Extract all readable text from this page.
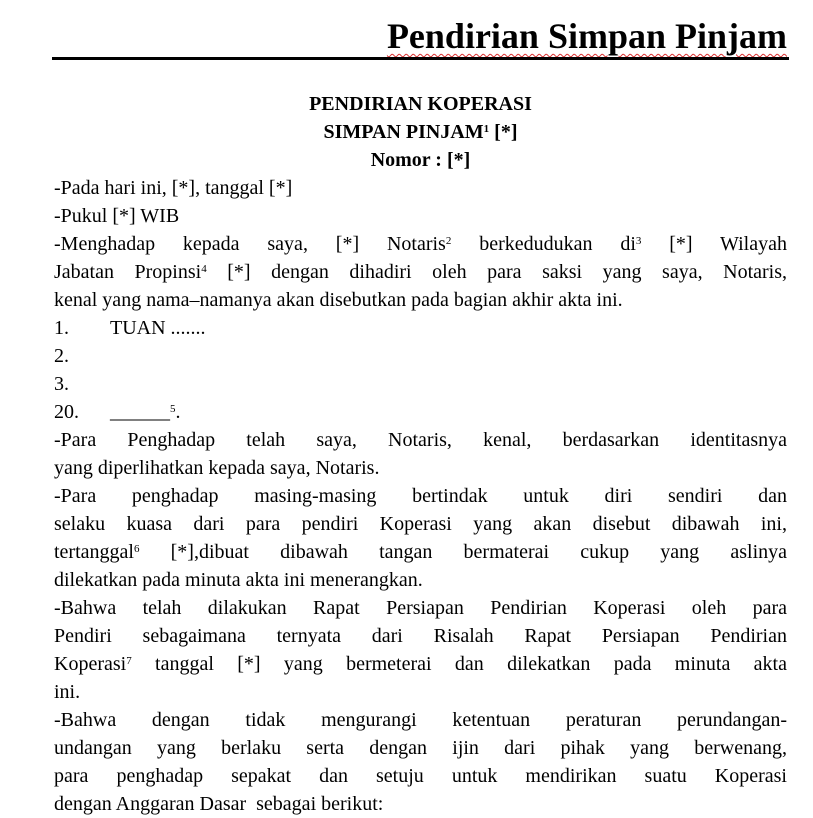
Pendirian Simpan Pinjam
PENDIRIAN KOPERASI
SIMPAN PINJAM$^1$ [*]
Nomor : [*]
-Pada hari ini, [*], tanggal [*]
-Pukul [*] WIB
-Menghadap kepada saya, [*] Notaris$^2$ berkedudukan $di^3$ [*] Wilayah
Jabatan Propinsi$^4$ [*] dengan dihadiri oleh para saksi yang saya, Notaris,
kenal yang nama–namanya akan disebutkan pada bagian akhir akta ini.
1. TUAN .......
2.
3.
20. ______$^5$.
-Para Penghadap telah saya, Notaris, kenal, berdasarkan identitasnya
yang diperlihatkan kepada saya, Notaris.
-Para penghadap masing-masing bertindak untuk diri sendiri dan
selaku kuasa dari para pendiri Koperasi yang akan disebut dibawah ini,
tertanggal$^6$ [*],dibuat dibawah tangan bermaterai cukup yang aslinya
dilekatkan pada minuta akta ini menerangkan.
-Bahwa telah dilakukan Rapat Persiapan Pendirian Koperasi oleh para
Pendiri sebagaimana ternyata dari Risalah Rapat Persiapan Pendirian
Koperasi$^7$ tanggal [*] yang bermeterai dan dilekatkan pada minuta akta
ini.
-Bahwa dengan tidak mengurangi ketentuan peraturan perundangan-
undangan yang berlaku serta dengan ijin dari pihak yang berwenang,
para penghadap sepakat dan setuju untuk mendirikan suatu Koperasi
dengan Anggaran Dasar  sebagai berikut:
